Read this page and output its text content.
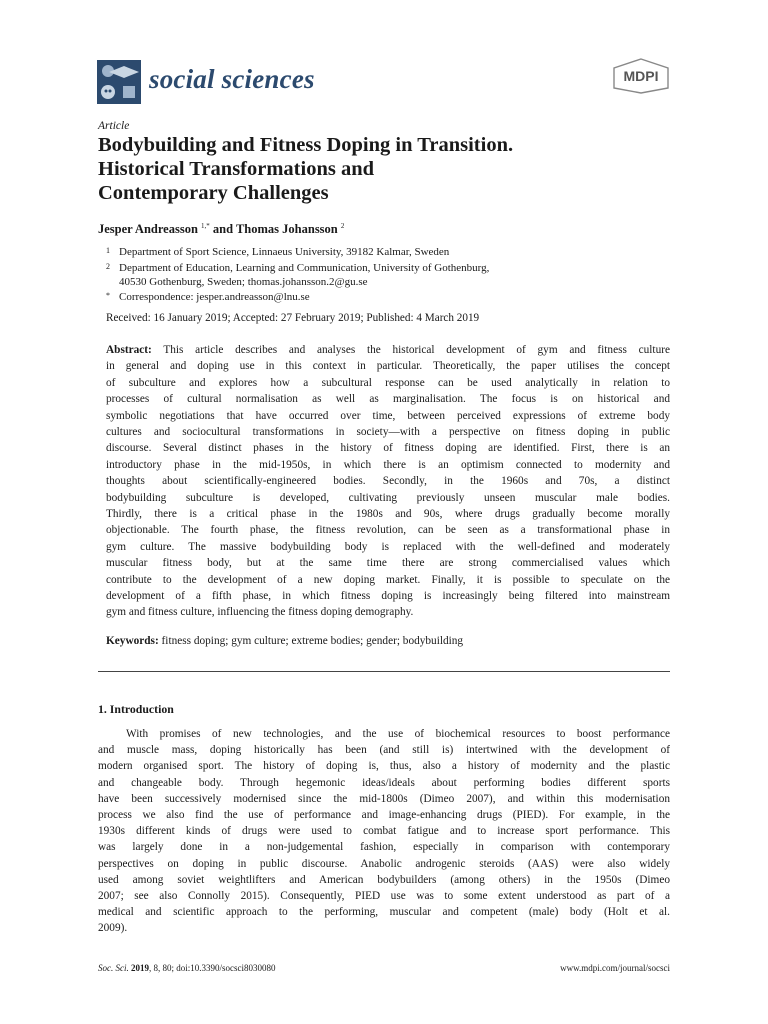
social sciences	MDPI
Article
Bodybuilding and Fitness Doping in Transition.
Historical Transformations and
Contemporary Challenges
Jesper Andreasson $^{1,*}$ and Thomas Johansson $^2$
1 Department of Sport Science, Linnaeus University, 39182 Kalmar, Sweden
2 Department of Education, Learning and Communication, University of Gothenburg,
40530 Gothenburg, Sweden; thomas.johansson.2@gu.se
* Correspondence: jesper.andreasson@lnu.se
Received: 16 January 2019; Accepted: 27 February 2019; Published: 4 March 2019
Abstract: This article describes and analyses the historical development of gym and fitness culture
in general and doping use in this context in particular. Theoretically, the paper utilises the concept
of subculture and explores how a subcultural response can be used analytically in relation to
processes of cultural normalisation as well as marginalisation. The focus is on historical and
symbolic negotiations that have occurred over time, between perceived expressions of extreme body
cultures and sociocultural transformations in society—with a perspective on fitness doping in public
discourse. Several distinct phases in the history of fitness doping are identified. First, there is an
introductory phase in the mid-1950s, in which there is an optimism connected to modernity and
thoughts about scientifically-engineered bodies. Secondly, in the 1960s and 70s, a distinct
bodybuilding subculture is developed, cultivating previously unseen muscular male bodies.
Thirdly, there is a critical phase in the 1980s and 90s, where drugs gradually become morally
objectionable. The fourth phase, the fitness revolution, can be seen as a transformational phase in
gym culture. The massive bodybuilding body is replaced with the well-defined and moderately
muscular fitness body, but at the same time there are strong commercialised values which
contribute to the development of a new doping market. Finally, it is possible to speculate on the
development of a fifth phase, in which fitness doping is increasingly being filtered into mainstream
gym and fitness culture, influencing the fitness doping demography.
Keywords: fitness doping; gym culture; extreme bodies; gender; bodybuilding
1. Introduction
With promises of new technologies, and the use of biochemical resources to boost performance
and muscle mass, doping historically has been (and still is) intertwined with the development of
modern organised sport. The history of doping is, thus, also a history of modernity and the plastic
and changeable body. Through hegemonic ideas/ideals about performing bodies different sports
have been successively modernised since the mid-1800s (Dimeo 2007), and within this modernisation
process we also find the use of performance and image-enhancing drugs (PIED). For example, in the
1930s different kinds of drugs were used to combat fatigue and to increase sport performance. This
was largely done in a non-judgemental fashion, especially in comparison with contemporary
perspectives on doping in public discourse. Anabolic androgenic steroids (AAS) were also widely
used among soviet weightlifters and American bodybuilders (among others) in the 1950s (Dimeo
2007; see also Connolly 2015). Consequently, PIED use was to some extent understood as part of a
medical and scientific approach to the performing, muscular and competent (male) body (Holt et al.
2009).
Soc. Sci. 2019, 8, 80; doi:10.3390/socsci8030080	www.mdpi.com/journal/socsci
